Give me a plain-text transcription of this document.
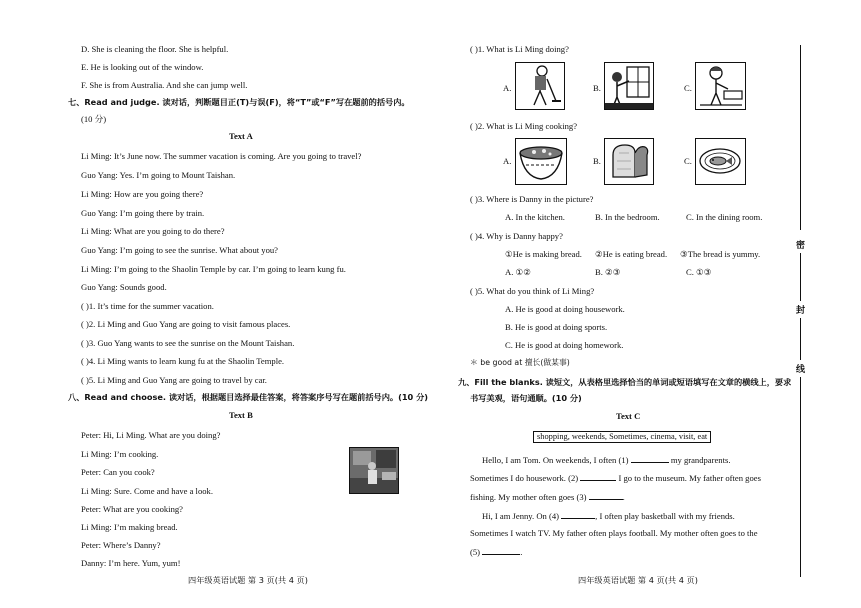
D. She is cleaning the floor. She is helpful.
E. He is looking out of the window.
F. She is from Australia. And she can jump well.
七、Read and judge. 读对话，判断题目正(T)与误(F)，将“T”或“F”写在题前的括号内。
(10 分)
Text A
Li Ming: It’s June now. The summer vacation is coming. Are you going to travel?
Guo Yang: Yes. I’m going to Mount Taishan.
Li Ming: How are you going there?
Guo Yang: I’m going there by train.
Li Ming: What are you going to do there?
Guo Yang: I’m going to see the sunrise. What about you?
Li Ming: I’m going to the Shaolin Temple by car. I’m going to learn kung fu.
Guo Yang: Sounds good.
( )1. It’s time for the summer vacation.
( )2. Li Ming and Guo Yang are going to visit famous places.
( )3. Guo Yang wants to see the sunrise on the Mount Taishan.
( )4. Li Ming wants to learn kung fu at the Shaolin Temple.
( )5. Li Ming and Guo Yang are going to travel by car.
八、Read and choose. 读对话，根据题目选择最佳答案，将答案序号写在题前括号内。(10 分)
Text B
Peter: Hi, Li Ming. What are you doing?
Li Ming: I’m cooking.
Peter: Can you cook?
Li Ming: Sure. Come and have a look.
Peter: What are you cooking?
Li Ming: I’m making bread.
Peter: Where’s Danny?
Danny: I’m here. Yum, yum!
四年级英语试题 第 3 页(共 4 页)
( )1. What is Li Ming doing?
A.	B.	C.
( )2. What is Li Ming cooking?
A.	B.	C.
( )3. Where is Danny in the picture?
A. In the kitchen.	B. In the bedroom.	C. In the dining room.
( )4. Why is Danny happy?
①He is making bread. ②He is eating bread. ③The bread is yummy.
A. ①②	B. ②③	C. ①③
( )5. What do you think of Li Ming?
A. He is good at doing housework.
B. He is good at doing sports.
C. He is good at doing homework.
＊ be good at 擅长(做某事)
九、Fill the blanks. 读短文，从表格里选择恰当的单词或短语填写在文章的横线上，要求
书写美观，语句通顺。(10 分)
Text C
shopping, weekends, Sometimes, cinema, visit, eat
Hello, I am Tom. On weekends, I often (1)	my grandparents.
Sometimes I do housework. (2)	I go to the museum. My father often goes
fishing. My mother often goes (3)	.
Hi, I am Jenny. On (4)	, I often play basketball with my friends.
Sometimes I watch TV. My father often plays football. My mother often goes to the
(5)	.
四年级英语试题 第 4 页(共 4 页)
密
封
线
